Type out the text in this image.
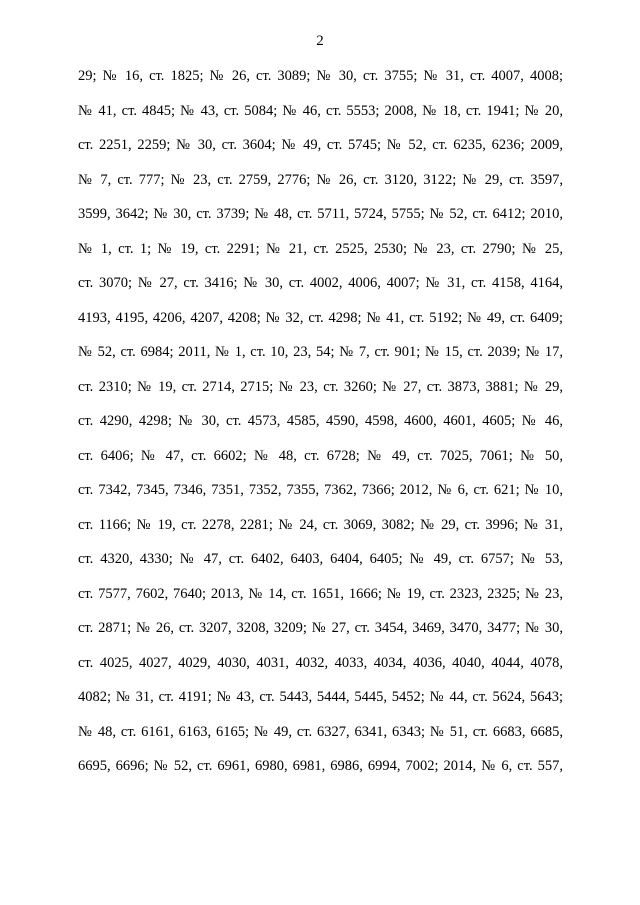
2
29; № 16, ст. 1825; № 26, ст. 3089; № 30, ст. 3755; № 31, ст. 4007, 4008;
№ 41, ст. 4845; № 43, ст. 5084; № 46, ст. 5553; 2008, № 18, ст. 1941; № 20,
ст. 2251, 2259; № 30, ст. 3604; № 49, ст. 5745; № 52, ст. 6235, 6236; 2009,
№ 7, ст. 777; № 23, ст. 2759, 2776; № 26, ст. 3120, 3122; № 29, ст. 3597,
3599, 3642; № 30, ст. 3739; № 48, ст. 5711, 5724, 5755; № 52, ст. 6412; 2010,
№ 1, ст. 1; № 19, ст. 2291; № 21, ст. 2525, 2530; № 23, ст. 2790; № 25,
ст. 3070; № 27, ст. 3416; № 30, ст. 4002, 4006, 4007; № 31, ст. 4158, 4164,
4193, 4195, 4206, 4207, 4208; № 32, ст. 4298; № 41, ст. 5192; № 49, ст. 6409;
№ 52, ст. 6984; 2011, № 1, ст. 10, 23, 54; № 7, ст. 901; № 15, ст. 2039; № 17,
ст. 2310; № 19, ст. 2714, 2715; № 23, ст. 3260; № 27, ст. 3873, 3881; № 29,
ст. 4290, 4298; № 30, ст. 4573, 4585, 4590, 4598, 4600, 4601, 4605; № 46,
ст. 6406; № 47, ст. 6602; № 48, ст. 6728; № 49, ст. 7025, 7061; № 50,
ст. 7342, 7345, 7346, 7351, 7352, 7355, 7362, 7366; 2012, № 6, ст. 621; № 10,
ст. 1166; № 19, ст. 2278, 2281; № 24, ст. 3069, 3082; № 29, ст. 3996; № 31,
ст. 4320, 4330; № 47, ст. 6402, 6403, 6404, 6405; № 49, ст. 6757; № 53,
ст. 7577, 7602, 7640; 2013, № 14, ст. 1651, 1666; № 19, ст. 2323, 2325; № 23,
ст. 2871; № 26, ст. 3207, 3208, 3209; № 27, ст. 3454, 3469, 3470, 3477; № 30,
ст. 4025, 4027, 4029, 4030, 4031, 4032, 4033, 4034, 4036, 4040, 4044, 4078,
4082; № 31, ст. 4191; № 43, ст. 5443, 5444, 5445, 5452; № 44, ст. 5624, 5643;
№ 48, ст. 6161, 6163, 6165; № 49, ст. 6327, 6341, 6343; № 51, ст. 6683, 6685,
6695, 6696; № 52, ст. 6961, 6980, 6981, 6986, 6994, 7002; 2014, № 6, ст. 557,
